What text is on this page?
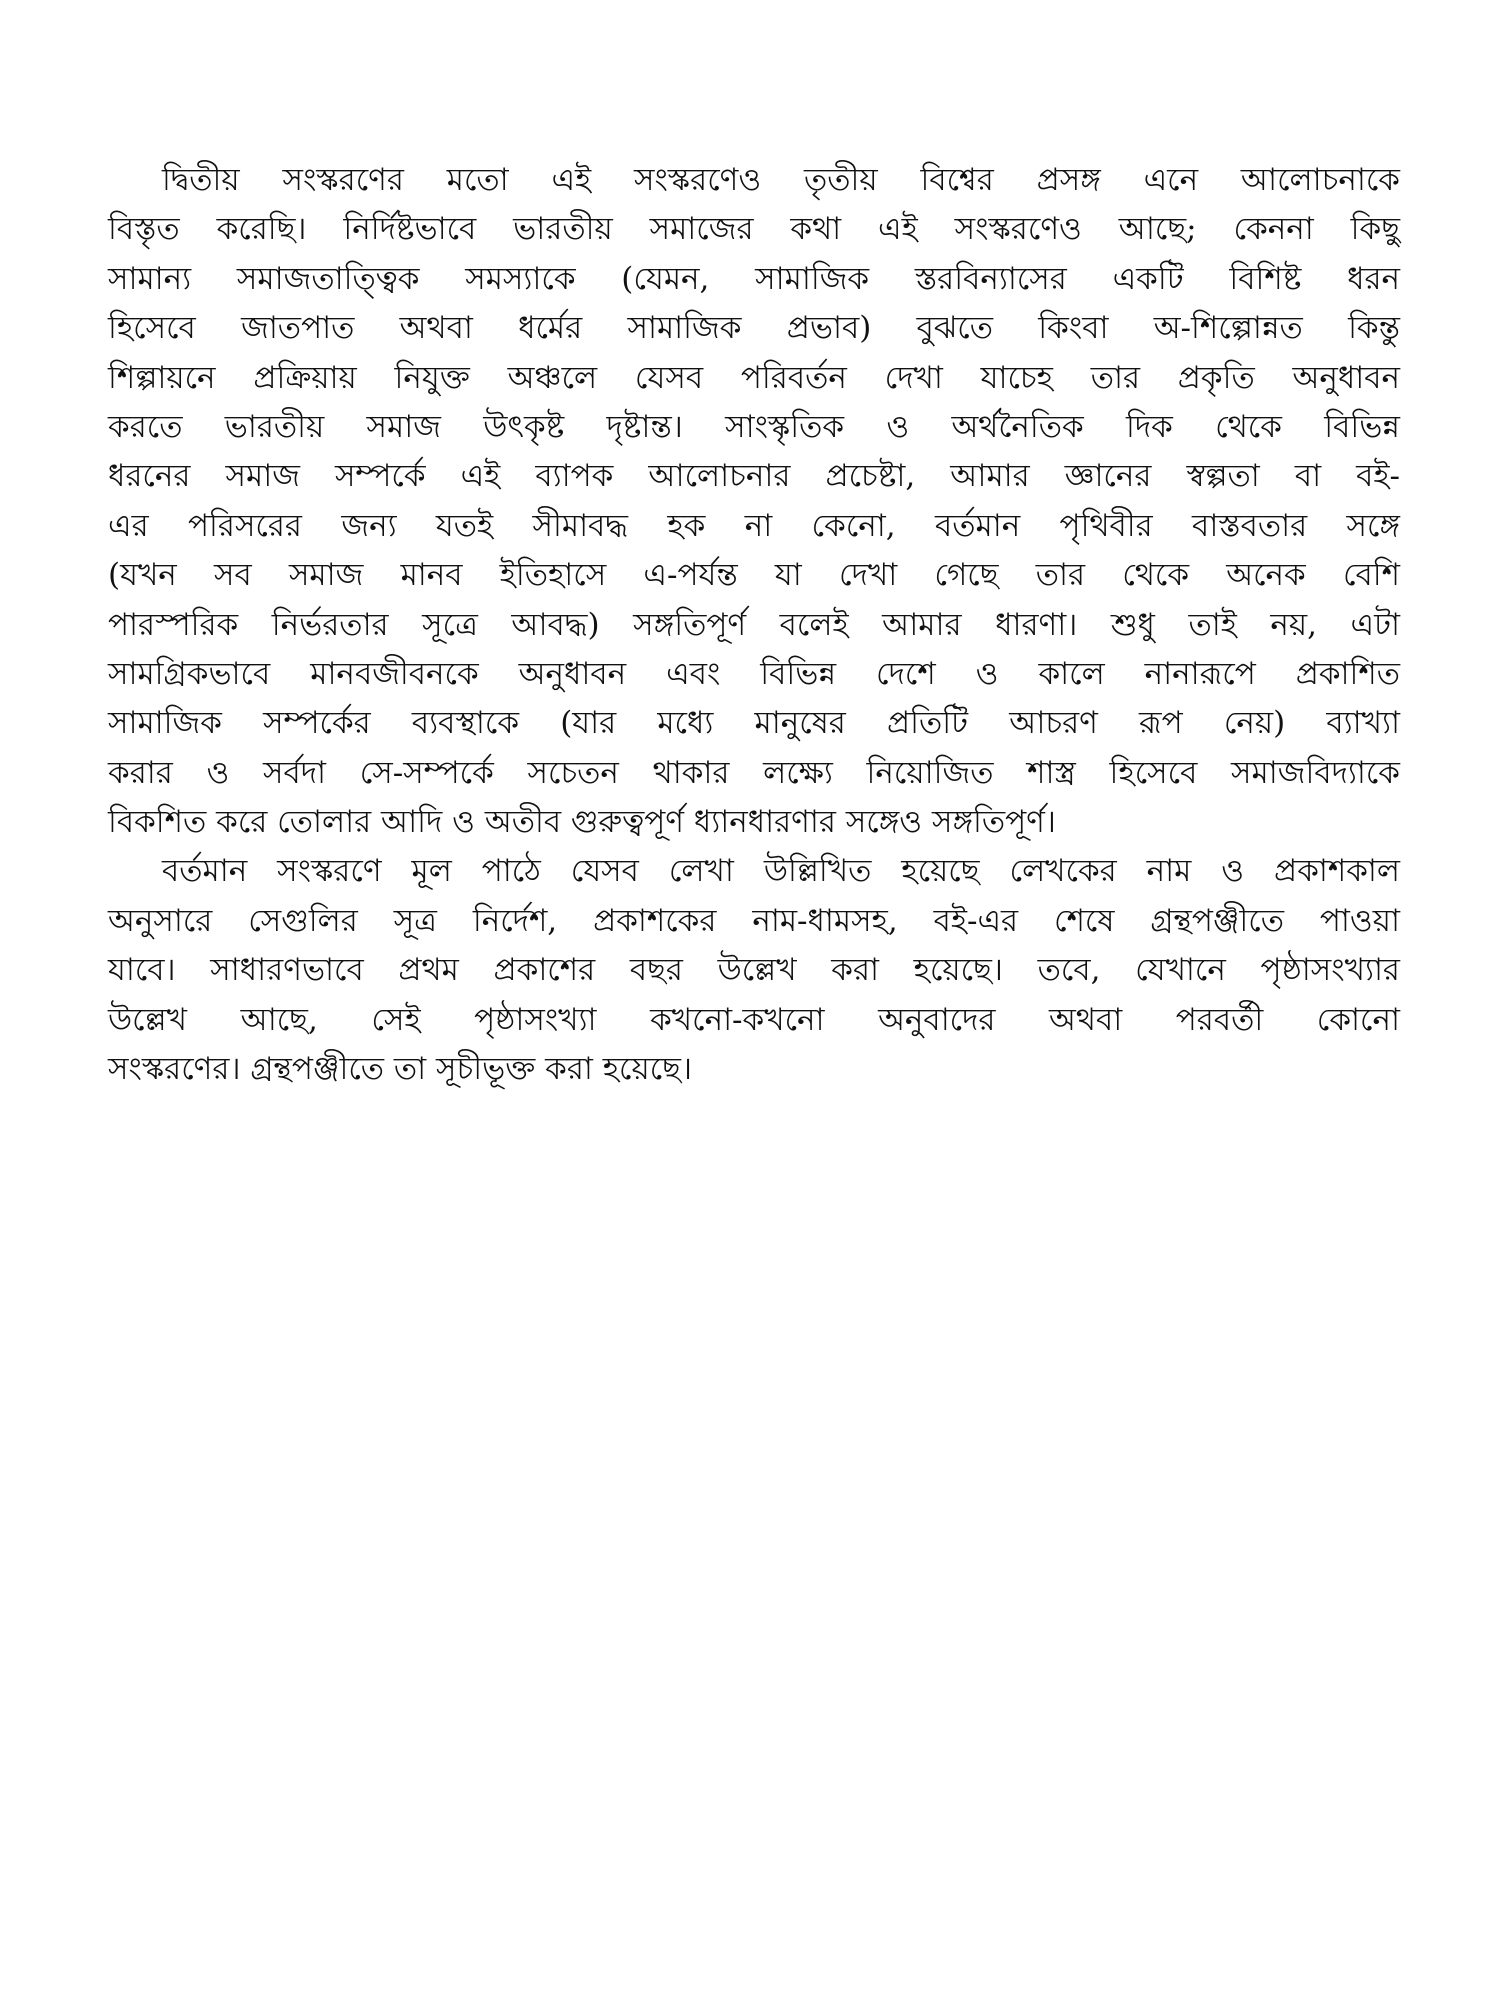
দ্বিতীয় সংস্করণের মতো এই সংস্করণেও তৃতীয় বিশ্বের প্রসঙ্গ এনে আলোচনাকে
বিস্তৃত করেছি। নির্দিষ্টভাবে ভারতীয় সমাজের কথা এই সংস্করণেও আছে; কেননা কিছু
সামান্য সমাজতাত্ত্বিক সমস্যাকে (যেমন, সামাজিক স্তরবিন্যাসের একটি বিশিষ্ট ধরন
হিসেবে জাতপাত অথবা ধর্মের সামাজিক প্রভাব) বুঝতে কিংবা অ-শিল্পোন্নত কিন্তু
শিল্পায়নে প্রক্রিয়ায় নিযুক্ত অঞ্চলে যেসব পরিবর্তন দেখা যাচেহ তার প্রকৃতি অনুধাবন
করতে ভারতীয় সমাজ উৎকৃষ্ট দৃষ্টান্ত। সাংস্কৃতিক ও অর্থনৈতিক দিক থেকে বিভিন্ন
ধরনের সমাজ সম্পর্কে এই ব্যাপক আলোচনার প্রচেষ্টা, আমার জ্ঞানের স্বল্পতা বা বই-
এর পরিসরের জন্য যতই সীমাবদ্ধ হক না কেনো, বর্তমান পৃথিবীর বাস্তবতার সঙ্গে
(যখন সব সমাজ মানব ইতিহাসে এ-পর্যন্ত যা দেখা গেছে তার থেকে অনেক বেশি
পারস্পরিক নির্ভরতার সূত্রে আবদ্ধ) সঙ্গতিপূর্ণ বলেই আমার ধারণা। শুধু তাই নয়, এটা
সামগ্রিকভাবে মানবজীবনকে অনুধাবন এবং বিভিন্ন দেশে ও কালে নানারূপে প্রকাশিত
সামাজিক সম্পর্কের ব্যবস্থাকে (যার মধ্যে মানুষের প্রতিটি আচরণ রূপ নেয়) ব্যাখ্যা
করার ও সর্বদা সে-সম্পর্কে সচেতন থাকার লক্ষ্যে নিয়োজিত শাস্ত্র হিসেবে সমাজবিদ্যাকে
বিকশিত করে তোলার আদি ও অতীব গুরুত্বপূর্ণ ধ্যানধারণার সঙ্গেও সঙ্গতিপূর্ণ।

বর্তমান সংস্করণে মূল পাঠে যেসব লেখা উল্লিখিত হয়েছে লেখকের নাম ও প্রকাশকাল
অনুসারে সেগুলির সূত্র নির্দেশ, প্রকাশকের নাম-ধামসহ, বই-এর শেষে গ্রন্থপঞ্জীতে পাওয়া
যাবে। সাধারণভাবে প্রথম প্রকাশের বছর উল্লেখ করা হয়েছে। তবে, যেখানে পৃষ্ঠাসংখ্যার
উল্লেখ আছে, সেই পৃষ্ঠাসংখ্যা কখনো-কখনো অনুবাদের অথবা পরবর্তী কোনো
সংস্করণের। গ্রন্থপঞ্জীতে তা সূচীভূক্ত করা হয়েছে।
